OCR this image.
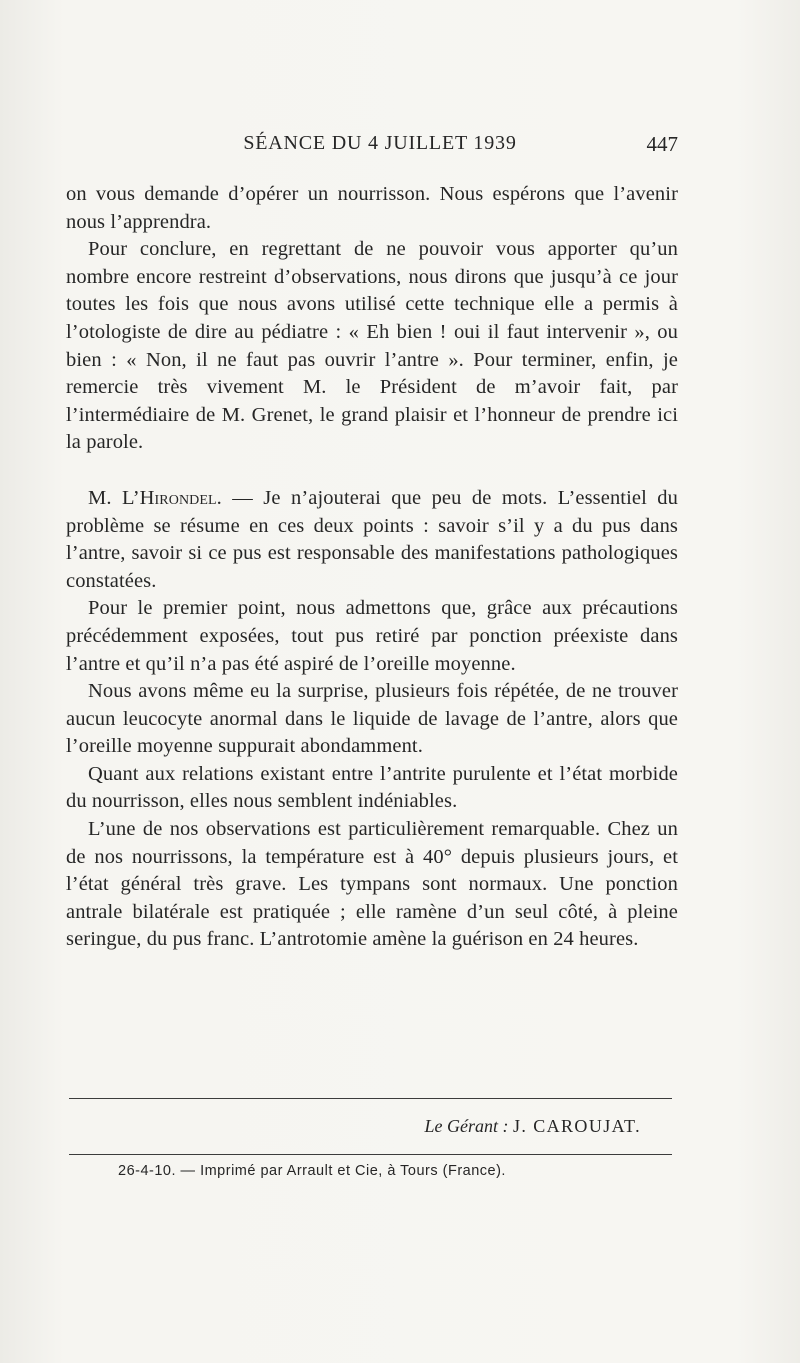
SÉANCE DU 4 JUILLET 1939	447

on vous demande d’opérer un nourrisson. Nous espérons que l’avenir nous l’apprendra.

Pour conclure, en regrettant de ne pouvoir vous apporter qu’un nombre encore restreint d’observations, nous dirons que jusqu’à ce jour toutes les fois que nous avons utilisé cette technique elle a permis à l’otologiste de dire au pédiatre : « Eh bien ! oui il faut intervenir », ou bien : « Non, il ne faut pas ouvrir l’antre ». Pour terminer, enfin, je remercie très vivement M. le Président de m’avoir fait, par l’intermédiaire de M. Grenet, le grand plaisir et l’honneur de prendre ici la parole.

M. L’Hirondel. — Je n’ajouterai que peu de mots. L’essentiel du problème se résume en ces deux points : savoir s’il y a du pus dans l’antre, savoir si ce pus est responsable des manifestations pathologiques constatées.

Pour le premier point, nous admettons que, grâce aux précautions précédemment exposées, tout pus retiré par ponction préexiste dans l’antre et qu’il n’a pas été aspiré de l’oreille moyenne.

Nous avons même eu la surprise, plusieurs fois répétée, de ne trouver aucun leucocyte anormal dans le liquide de lavage de l’antre, alors que l’oreille moyenne suppurait abondamment.

Quant aux relations existant entre l’antrite purulente et l’état morbide du nourrisson, elles nous semblent indéniables.

L’une de nos observations est particulièrement remarquable. Chez un de nos nourrissons, la température est à 40° depuis plusieurs jours, et l’état général très grave. Les tympans sont normaux. Une ponction antrale bilatérale est pratiquée ; elle ramène d’un seul côté, à pleine seringue, du pus franc. L’antrotomie amène la guérison en 24 heures.

Le Gérant : J. CAROUJAT.
26-4-10. — Imprimé par Arrault et Cie, à Tours (France).
